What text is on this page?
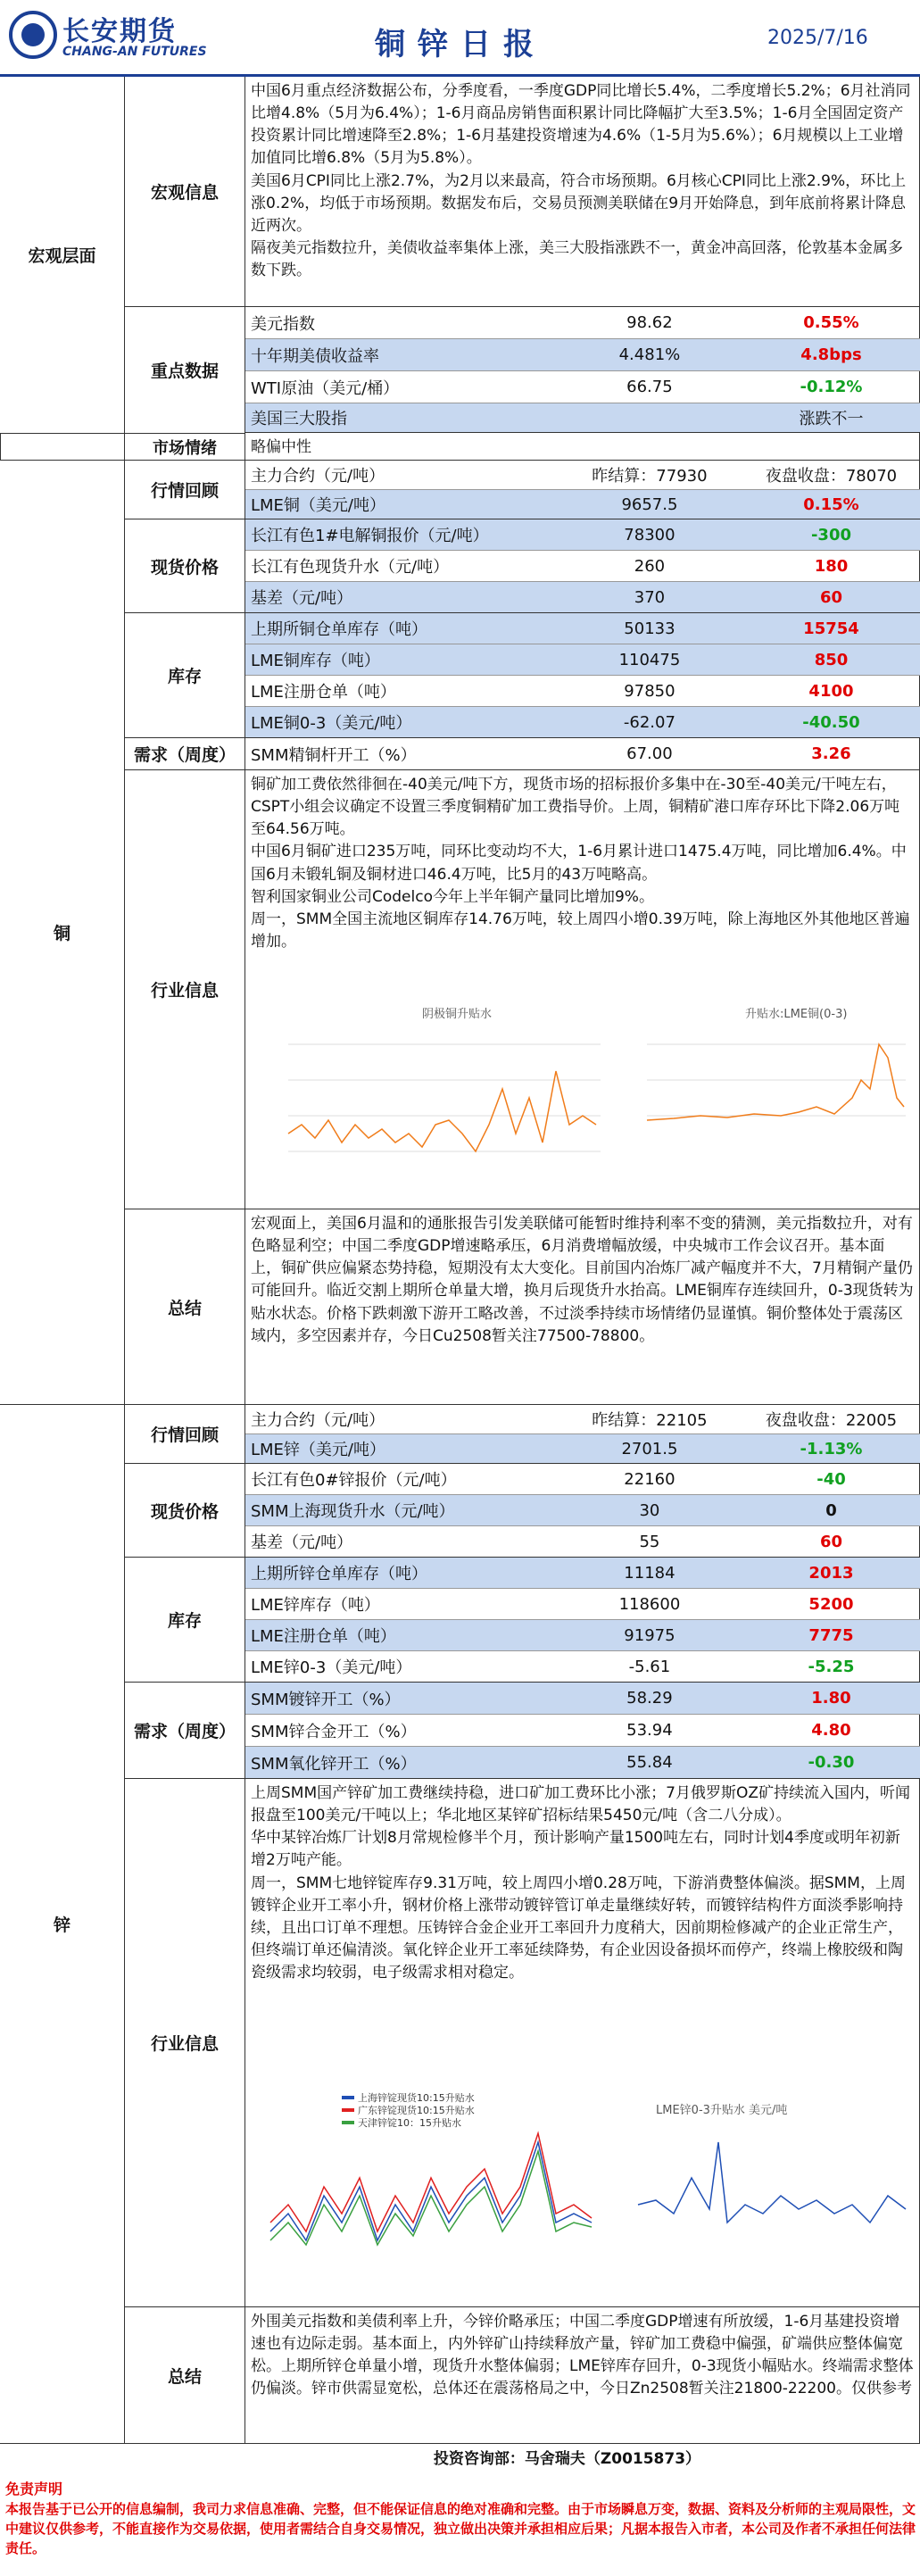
长安期货
CHANG-AN FUTURES	铜锌日报	2025/7/16
宏观层面
宏观信息
中国6月重点经济数据公布，分季度看，一季度GDP同比增长5.4%，二季度增长5.2%；6月社消同比增4.8%（5月为6.4%）；1-6月商品房销售面积累计同比降幅扩大至3.5%；1-6月全国固定资产投资累计同比增速降至2.8%；1-6月基建投资增速为4.6%（1-5月为5.6%）；6月规模以上工业增加值同比增6.8%（5月为5.8%）。
美国6月CPI同比上涨2.7%，为2月以来最高，符合市场预期。6月核心CPI同比上涨2.9%，环比上涨0.2%，均低于市场预期。数据发布后，交易员预测美联储在9月开始降息，到年底前将累计降息近两次。
隔夜美元指数拉升，美债收益率集体上涨，美三大股指涨跌不一，黄金冲高回落，伦敦基本金属多数下跌。
重点数据
美元指数	98.62	0.55%
十年期美债收益率	4.481%	4.8bps
WTI原油（美元/桶）	66.75	-0.12%
美国三大股指	涨跌不一
市场情绪	略偏中性
铜
行情回顾
主力合约（元/吨）	昨结算：77930	夜盘收盘：78070
LME铜（美元/吨）	9657.5	0.15%
现货价格
长江有色1#电解铜报价（元/吨）	78300	-300
长江有色现货升水（元/吨）	260	180
基差（元/吨）	370	60
库存
上期所铜仓单库存（吨）	50133	15754
LME铜库存（吨）	110475	850
LME注册仓单（吨）	97850	4100
LME铜0-3（美元/吨）	-62.07	-40.50
需求（周度） SMM精铜杆开工（%）	67.00	3.26
行业信息
铜矿加工费依然徘徊在-40美元/吨下方，现货市场的招标报价多集中在-30至-40美元/干吨左右，CSPT小组会议确定不设置三季度铜精矿加工费指导价。上周，铜精矿港口库存环比下降2.06万吨至64.56万吨。
中国6月铜矿进口235万吨，同环比变动均不大，1-6月累计进口1475.4万吨，同比增加6.4%。中国6月未锻轧铜及铜材进口46.4万吨，比5月的43万吨略高。
智利国家铜业公司Codelco今年上半年铜产量同比增加9%。
周一，SMM全国主流地区铜库存14.76万吨，较上周四小增0.39万吨，除上海地区外其他地区普遍增加。
阴极铜升贴水	升贴水:LME铜(0-3)
总结
宏观面上，美国6月温和的通胀报告引发美联储可能暂时维持利率不变的猜测，美元指数拉升，对有色略显利空；中国二季度GDP增速略承压，6月消费增幅放缓，中央城市工作会议召开。基本面上，铜矿供应偏紧态势持稳，短期没有太大变化。目前国内冶炼厂减产幅度并不大，7月精铜产量仍可能回升。临近交割上期所仓单量大增，换月后现货升水抬高。LME铜库存连续回升，0-3现货转为贴水状态。价格下跌刺激下游开工略改善，不过淡季持续市场情绪仍显谨慎。铜价整体处于震荡区域内，多空因素并存，今日Cu2508暂关注77500-78800。
锌
行情回顾
主力合约（元/吨）	昨结算：22105	夜盘收盘：22005
LME锌（美元/吨）	2701.5	-1.13%
现货价格
长江有色0#锌报价（元/吨）	22160	-40
SMM上海现货升水（元/吨）	30	0
基差（元/吨）	55	60
库存
上期所锌仓单库存（吨）	11184	2013
LME锌库存（吨）	118600	5200
LME注册仓单（吨）	91975	7775
LME锌0-3（美元/吨）	-5.61	-5.25
需求（周度）
SMM镀锌开工（%）	58.29	1.80
SMM锌合金开工（%）	53.94	4.80
SMM氧化锌开工（%）	55.84	-0.30
行业信息
上周SMM国产锌矿加工费继续持稳，进口矿加工费环比小涨；7月俄罗斯OZ矿持续流入国内，听闻报盘至100美元/干吨以上；华北地区某锌矿招标结果5450元/吨（含二八分成）。
华中某锌冶炼厂计划8月常规检修半个月，预计影响产量1500吨左右，同时计划4季度或明年初新增2万吨产能。
周一，SMM七地锌锭库存9.31万吨，较上周四小增0.28万吨，下游消费整体偏淡。据SMM，上周镀锌企业开工率小升，钢材价格上涨带动镀锌管订单走量继续好转，而镀锌结构件方面淡季影响持续，且出口订单不理想。压铸锌合金企业开工率回升力度稍大，因前期检修减产的企业正常生产，但终端订单还偏清淡。氧化锌企业开工率延续降势，有企业因设备损坏而停产，终端上橡胶级和陶瓷级需求均较弱，电子级需求相对稳定。
上海锌锭现货10:15升贴水
广东锌锭现货10:15升贴水
天津锌锭10：15升贴水
LME锌0-3升贴水 美元/吨
总结
外围美元指数和美债利率上升，今锌价略承压；中国二季度GDP增速有所放缓，1-6月基建投资增速也有边际走弱。基本面上，内外锌矿山持续释放产量，锌矿加工费稳中偏强，矿端供应整体偏宽松。上期所锌仓单量小增，现货升水整体偏弱；LME锌库存回升，0-3现货小幅贴水。终端需求整体仍偏淡。锌市供需显宽松，总体还在震荡格局之中，今日Zn2508暂关注21800-22200。仅供参考
投资咨询部：马舍瑞夫（Z0015873）
免责声明
本报告基于已公开的信息编制，我司力求信息准确、完整，但不能保证信息的绝对准确和完整。由于市场瞬息万变，数据、资料及分析师的主观局限性，文中建议仅供参考，不能直接作为交易依据，使用者需结合自身交易情况，独立做出决策并承担相应后果；凡据本报告入市者，本公司及作者不承担任何法律责任。
